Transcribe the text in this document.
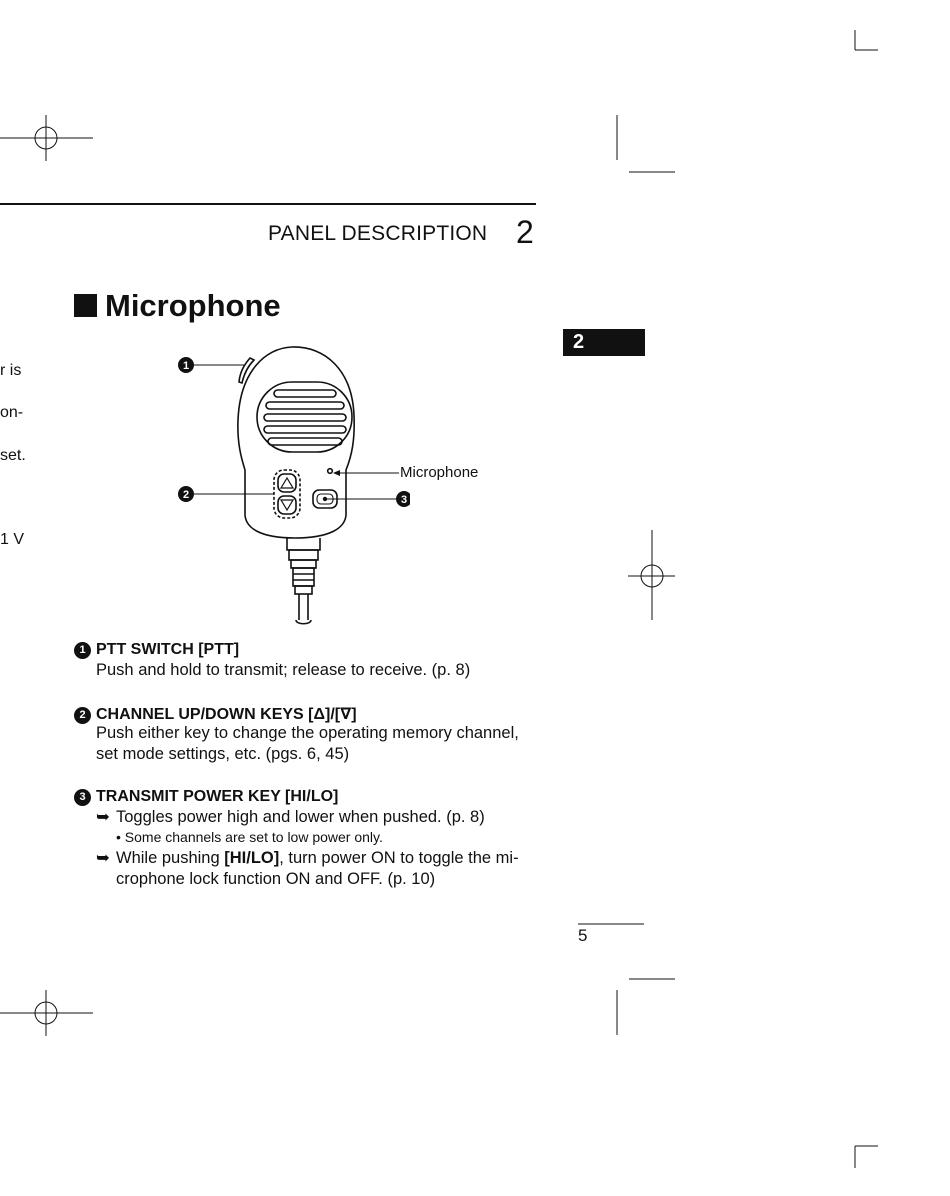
PANEL DESCRIPTION 2
Microphone
2
r is
on-
set.
1 V
1
2	3
Microphone
1 PTT SWITCH [PTT]
Push and hold to transmit; release to receive. (p. 8)
2 CHANNEL UP/DOWN KEYS [Δ]/[∇]
Push either key to change the operating memory channel,
set mode settings, etc. (pgs. 6, 45)
3 TRANSMIT POWER KEY [HI/LO]
➥ Toggles power high and lower when pushed. (p. 8)
• Some channels are set to low power only.
➥ While pushing [HI/LO], turn power ON to toggle the mi-
crophone lock function ON and OFF. (p. 10)
5
